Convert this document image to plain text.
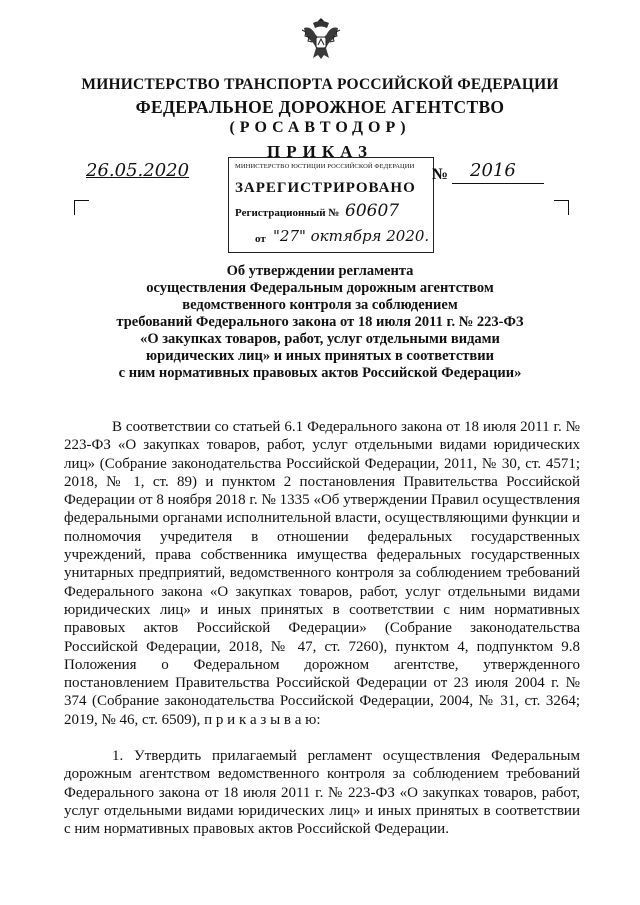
МИНИСТЕРСТВО ТРАНСПОРТА РОССИЙСКОЙ ФЕДЕРАЦИИ
ФЕДЕРАЛЬНОЕ ДОРОЖНОЕ АГЕНТСТВО
(РОСАВТОДОР)
ПРИКАЗ
МИНИСТЕРСТВО ЮСТИЦИИ РОССИЙСКОЙ ФЕДЕРАЦИИ
ЗАРЕГИСТРИРОВАНО
Регистрационный № 60607
от "27" октября 2020.
26.05.2020	№ 2016
Об утверждении регламента
осуществления Федеральным дорожным агентством
ведомственного контроля за соблюдением
требований Федерального закона от 18 июля 2011 г. № 223-ФЗ
«О закупках товаров, работ, услуг отдельными видами
юридических лиц» и иных принятых в соответствии
с ним нормативных правовых актов Российской Федерации»

В соответствии со статьей 6.1 Федерального закона от 18 июля 2011 г. № 223-ФЗ «О закупках товаров, работ, услуг отдельными видами юридических лиц» (Собрание законодательства Российской Федерации, 2011, № 30, ст. 4571; 2018, № 1, ст. 89) и пунктом 2 постановления Правительства Российской Федерации от 8 ноября 2018 г. № 1335 «Об утверждении Правил осуществления федеральными органами исполнительной власти, осуществляющими функции и полномочия учредителя в отношении федеральных государственных учреждений, права собственника имущества федеральных государственных унитарных предприятий, ведомственного контроля за соблюдением требований Федерального закона «О закупках товаров, работ, услуг отдельными видами юридических лиц» и иных принятых в соответствии с ним нормативных правовых актов Российской Федерации» (Собрание законодательства Российской Федерации, 2018, № 47, ст. 7260), пунктом 4, подпунктом 9.8 Положения о Федеральном дорожном агентстве, утвержденного постановлением Правительства Российской Федерации от 23 июля 2004 г. № 374 (Собрание законодательства Российской Федерации, 2004, № 31, ст. 3264; 2019, № 46, ст. 6509), п р и к а з ы в а ю:

1. Утвердить прилагаемый регламент осуществления Федеральным дорожным агентством ведомственного контроля за соблюдением требований Федерального закона от 18 июля 2011 г. № 223-ФЗ «О закупках товаров, работ, услуг отдельными видами юридических лиц» и иных принятых в соответствии с ним нормативных правовых актов Российской Федерации.
